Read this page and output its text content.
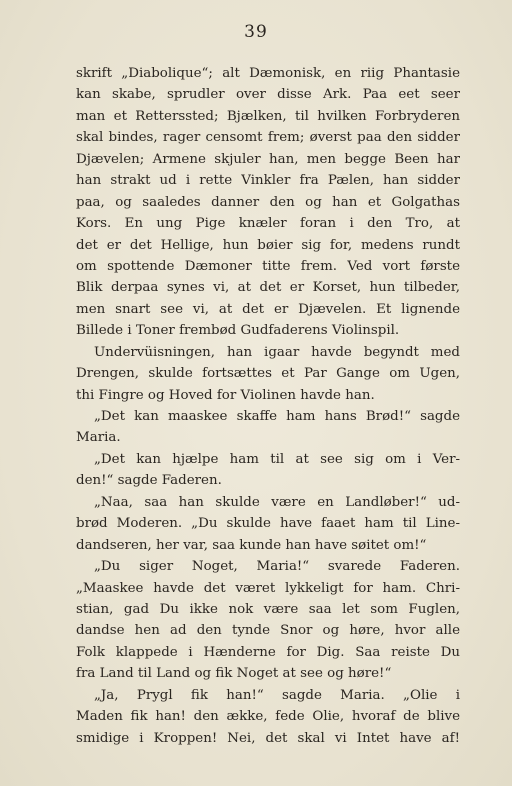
39
skrift „Diabolique“; alt Dæmonisk, en riig Phantasie
kan skabe, sprudler over disse Ark. Paa eet seer
man et Retterssted; Bjælken, til hvilken Forbryderen
skal bindes, rager censomt frem; øverst paa den sidder
Djævelen; Armene skjuler han, men begge Been har
han strakt ud i rette Vinkler fra Pælen, han sidder
paa, og saaledes danner den og han et Golgathas
Kors. En ung Pige knæler foran i den Tro, at
det er det Hellige, hun bøier sig for, medens rundt
om spottende Dæmoner titte frem. Ved vort første
Blik derpaa synes vi, at det er Korset, hun tilbeder,
men snart see vi, at det er Djævelen. Et lignende
Billede i Toner frembød Gudfaderens Violinspil.
Undervüisningen, han igaar havde begyndt med
Drengen, skulde fortsættes et Par Gange om Ugen,
thi Fingre og Hoved for Violinen havde han.
„Det kan maaskee skaffe ham hans Brød!“ sagde
Maria.
„Det kan hjælpe ham til at see sig om i Ver-
den!“ sagde Faderen.
„Naa, saa han skulde være en Landløber!“ ud-
brød Moderen. „Du skulde have faaet ham til Line-
dandseren, her var, saa kunde han have søitet om!“
„Du siger Noget, Maria!“ svarede Faderen.
„Maaskee havde det været lykkeligt for ham. Chri-
stian, gad Du ikke nok være saa let som Fuglen,
dandse hen ad den tynde Snor og høre, hvor alle
Folk klappede i Hænderne for Dig. Saa reiste Du
fra Land til Land og fik Noget at see og høre!“
„Ja, Prygl fik han!“ sagde Maria. „Olie i
Maden fik han! den ække, fede Olie, hvoraf de blive
smidige i Kroppen! Nei, det skal vi Intet have af!
